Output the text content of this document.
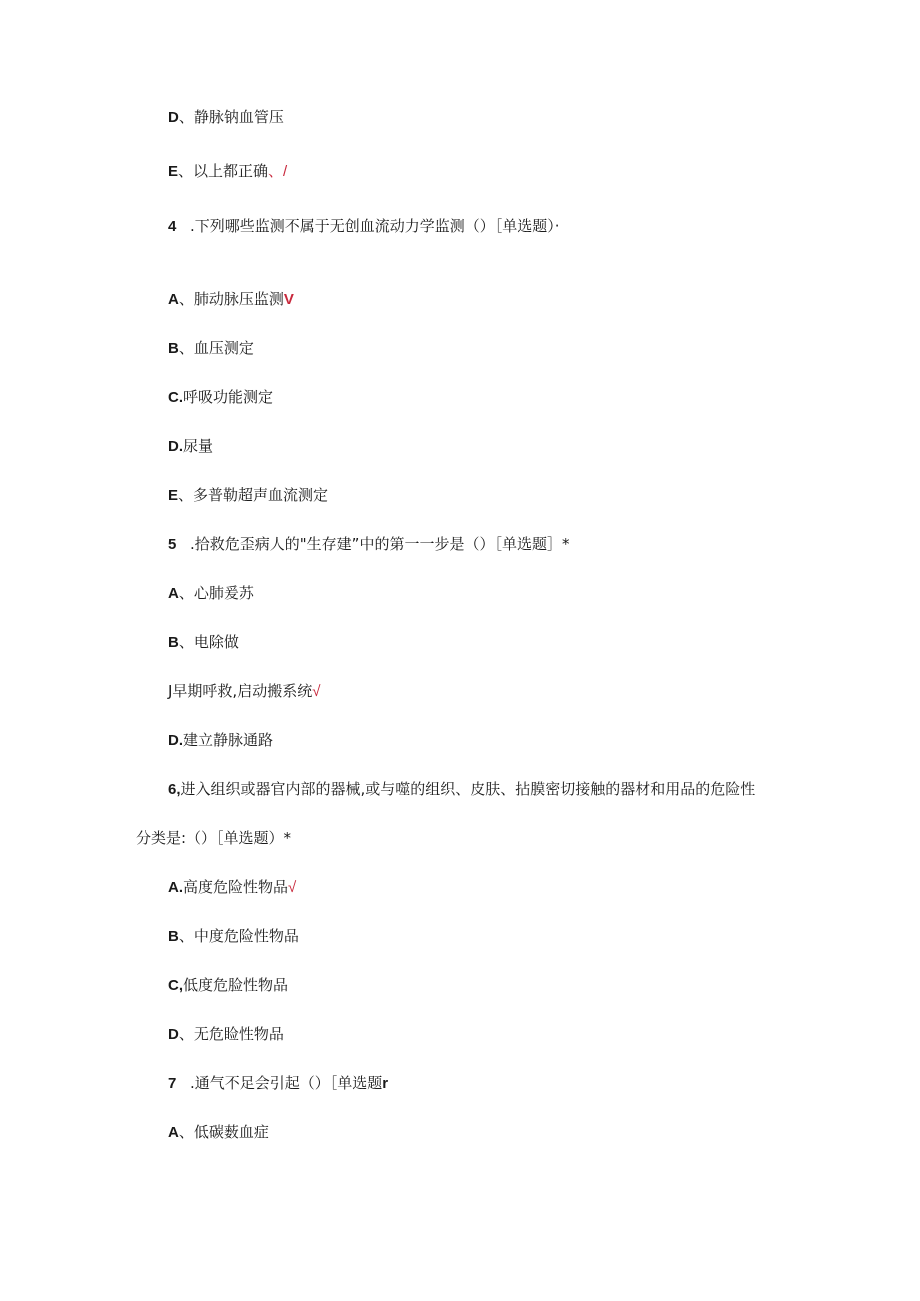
D、静脉钠血管压
E、以上都正确、/
4 .下列哪些监测不属于无创血流动力学监测（）［单选题）·
A、肺动脉压监测V
B、血压测定
C.呼吸功能测定
D.尿量
E、多普勒超声血流测定
5 .拾救危歪病人的"生存建”中的第一一步是（）［单选题］*
A、心肺爰苏
B、电除做
J早期呼救,启动搬系统√
D.建立静脉通路
6,进入组织或器官内部的器械,或与噬的组织、皮肤、拈膜密切接触的器材和用品的危险性
分类是:（）［单选题）*
A.高度危险性物品√
B、中度危险性物品
C,低度危脸性物品
D、无危睑性物品
7 .通气不足会引起（）［单选题r
A、低碳薮血症
